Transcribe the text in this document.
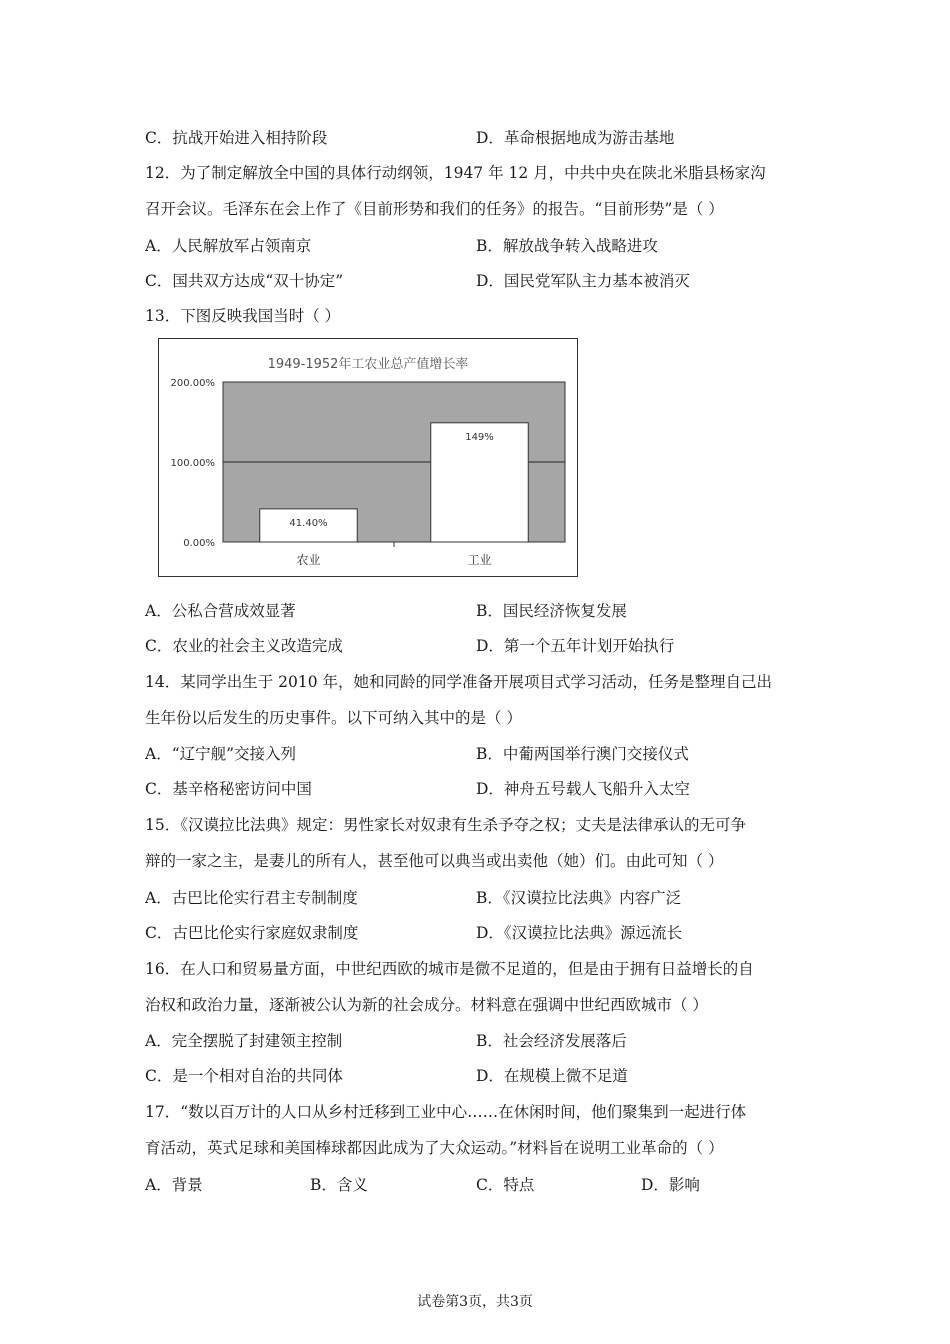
C．抗战开始进入相持阶段	D．革命根据地成为游击基地
12．为了制定解放全中国的具体行动纲领，1947 年 12 月，中共中央在陕北米脂县杨家沟
召开会议。毛泽东在会上作了《目前形势和我们的任务》的报告。“目前形势”是（ ）
A．人民解放军占领南京	B．解放战争转入战略进攻
C．国共双方达成“双十协定”	D．国民党军队主力基本被消灭
13．下图反映我国当时（ ）
1949-1952年工农业总产值增长率
0.00%
100.00%
200.00%
41.40%
农业
149%
工业
A．公私合营成效显著	B．国民经济恢复发展
C．农业的社会主义改造完成	D．第一个五年计划开始执行
14．某同学出生于 2010 年，她和同龄的同学准备开展项目式学习活动，任务是整理自己出
生年份以后发生的历史事件。以下可纳入其中的是（ ）
A．“辽宁舰”交接入列	B．中葡两国举行澳门交接仪式
C．基辛格秘密访问中国	D．神舟五号载人飞船升入太空
15．《汉谟拉比法典》规定：男性家长对奴隶有生杀予夺之权；丈夫是法律承认的无可争
辩的一家之主，是妻儿的所有人，甚至他可以典当或出卖他（她）们。由此可知（ ）
A．古巴比伦实行君主专制制度	B．《汉谟拉比法典》内容广泛
C．古巴比伦实行家庭奴隶制度	D．《汉谟拉比法典》源远流长
16．在人口和贸易量方面，中世纪西欧的城市是微不足道的，但是由于拥有日益增长的自
治权和政治力量，逐渐被公认为新的社会成分。材料意在强调中世纪西欧城市（ ）
A．完全摆脱了封建领主控制	B．社会经济发展落后
C．是一个相对自治的共同体	D．在规模上微不足道
17．“数以百万计的人口从乡村迁移到工业中心……在休闲时间，他们聚集到一起进行体
育活动，英式足球和美国棒球都因此成为了大众运动。”材料旨在说明工业革命的（ ）
A．背景	B．含义	C．特点	D．影响
试卷第3页，共3页
